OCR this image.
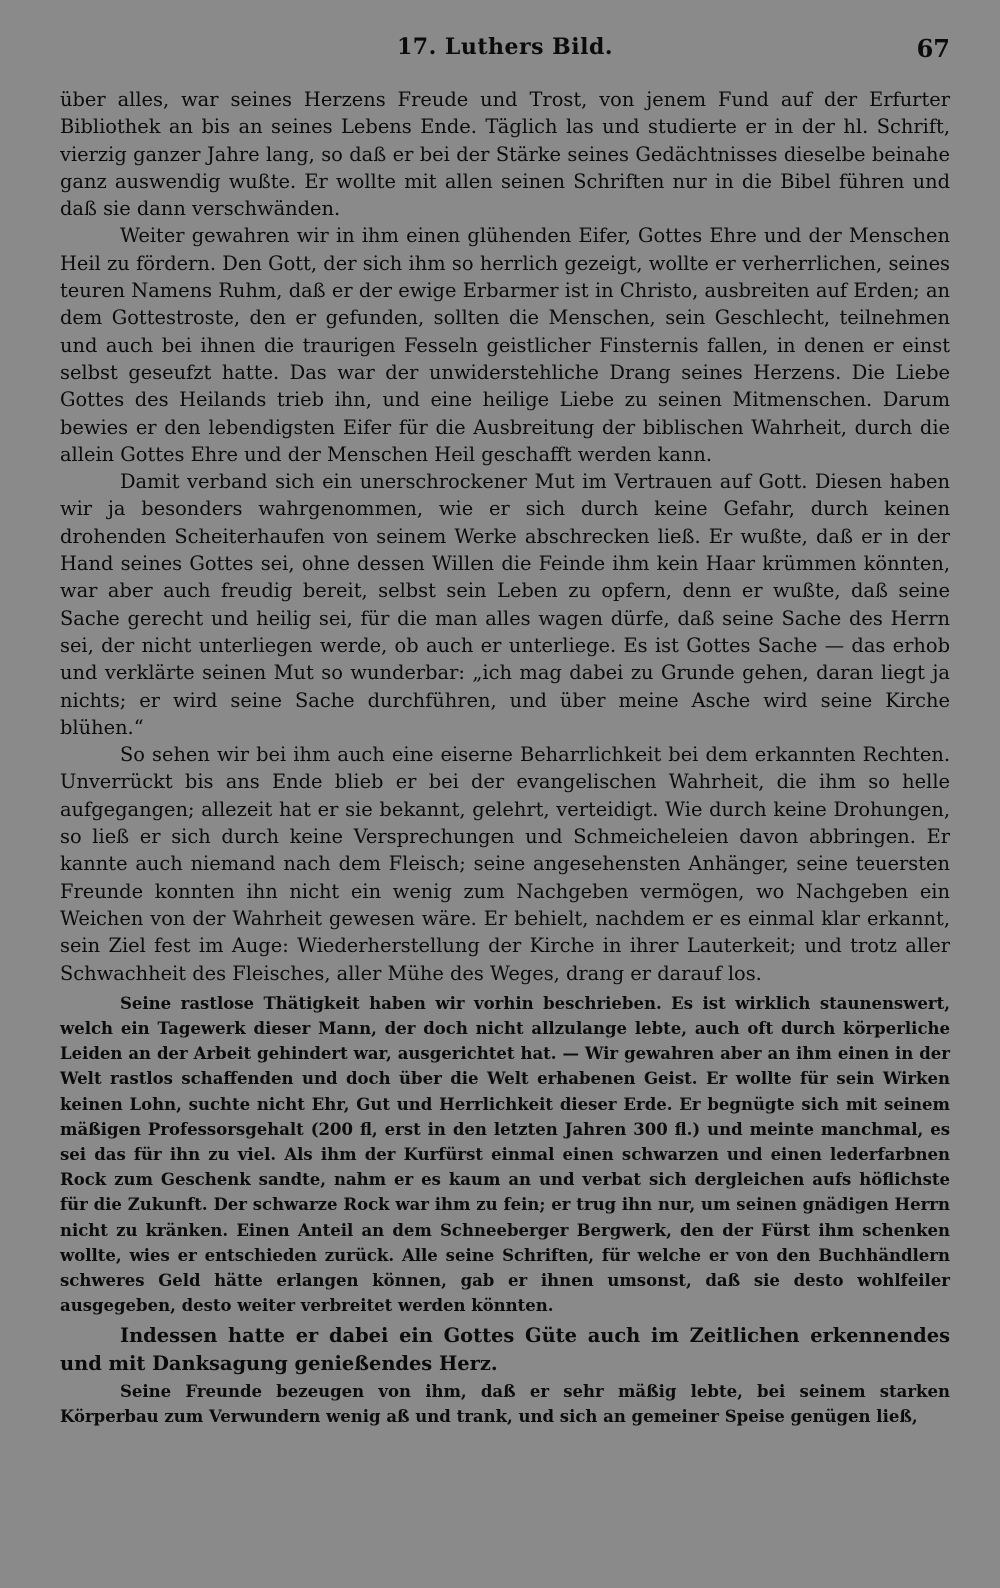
17. Luthers Bild.	67

über alles, war seines Herzens Freude und Trost, von jenem Fund auf der Erfurter Bibliothek an bis an seines Lebens Ende. Täglich las und studierte er in der hl. Schrift, vierzig ganzer Jahre lang, so daß er bei der Stärke seines Gedächtnisses dieselbe beinahe ganz auswendig wußte. Er wollte mit allen seinen Schriften nur in die Bibel führen und daß sie dann verschwänden.

Weiter gewahren wir in ihm einen glühenden Eifer, Gottes Ehre und der Menschen Heil zu fördern. Den Gott, der sich ihm so herrlich gezeigt, wollte er verherrlichen, seines teuren Namens Ruhm, daß er der ewige Erbarmer ist in Christo, ausbreiten auf Erden; an dem Gottestroste, den er gefunden, sollten die Menschen, sein Geschlecht, teilnehmen und auch bei ihnen die traurigen Fesseln geistlicher Finsternis fallen, in denen er einst selbst geseufzt hatte. Das war der unwiderstehliche Drang seines Herzens. Die Liebe Gottes des Heilands trieb ihn, und eine heilige Liebe zu seinen Mitmenschen. Darum bewies er den lebendigsten Eifer für die Ausbreitung der biblischen Wahrheit, durch die allein Gottes Ehre und der Menschen Heil geschafft werden kann.

Damit verband sich ein unerschrockener Mut im Vertrauen auf Gott. Diesen haben wir ja besonders wahrgenommen, wie er sich durch keine Gefahr, durch keinen drohenden Scheiterhaufen von seinem Werke abschrecken ließ. Er wußte, daß er in der Hand seines Gottes sei, ohne dessen Willen die Feinde ihm kein Haar krümmen könnten, war aber auch freudig bereit, selbst sein Leben zu opfern, denn er wußte, daß seine Sache gerecht und heilig sei, für die man alles wagen dürfe, daß seine Sache des Herrn sei, der nicht unterliegen werde, ob auch er unterliege. Es ist Gottes Sache — das erhob und verklärte seinen Mut so wunderbar: „ich mag dabei zu Grunde gehen, daran liegt ja nichts; er wird seine Sache durchführen, und über meine Asche wird seine Kirche blühen.“

So sehen wir bei ihm auch eine eiserne Beharrlichkeit bei dem erkannten Rechten. Unverrückt bis ans Ende blieb er bei der evangelischen Wahrheit, die ihm so helle aufgegangen; allezeit hat er sie bekannt, gelehrt, verteidigt. Wie durch keine Drohungen, so ließ er sich durch keine Versprechungen und Schmeicheleien davon abbringen. Er kannte auch niemand nach dem Fleisch; seine angesehensten Anhänger, seine teuersten Freunde konnten ihn nicht ein wenig zum Nachgeben vermögen, wo Nachgeben ein Weichen von der Wahrheit gewesen wäre. Er behielt, nachdem er es einmal klar erkannt, sein Ziel fest im Auge: Wiederherstellung der Kirche in ihrer Lauterkeit; und trotz aller Schwachheit des Fleisches, aller Mühe des Weges, drang er darauf los.

Seine rastlose Thätigkeit haben wir vorhin beschrieben. Es ist wirklich staunenswert, welch ein Tagewerk dieser Mann, der doch nicht allzulange lebte, auch oft durch körperliche Leiden an der Arbeit gehindert war, ausgerichtet hat. — Wir gewahren aber an ihm einen in der Welt rastlos schaffenden und doch über die Welt erhabenen Geist. Er wollte für sein Wirken keinen Lohn, suchte nicht Ehr, Gut und Herrlichkeit dieser Erde. Er begnügte sich mit seinem mäßigen Professorsgehalt (200 fl, erst in den letzten Jahren 300 fl.) und meinte manchmal, es sei das für ihn zu viel. Als ihm der Kurfürst einmal einen schwarzen und einen lederfarbnen Rock zum Geschenk sandte, nahm er es kaum an und verbat sich dergleichen aufs höflichste für die Zukunft. Der schwarze Rock war ihm zu fein; er trug ihn nur, um seinen gnädigen Herrn nicht zu kränken. Einen Anteil an dem Schneeberger Bergwerk, den der Fürst ihm schenken wollte, wies er entschieden zurück. Alle seine Schriften, für welche er von den Buchhändlern schweres Geld hätte erlangen können, gab er ihnen umsonst, daß sie desto wohlfeiler ausgegeben, desto weiter verbreitet werden könnten.

Indessen hatte er dabei ein Gottes Güte auch im Zeitlichen erkennendes und mit Danksagung genießendes Herz.

Seine Freunde bezeugen von ihm, daß er sehr mäßig lebte, bei seinem starken Körperbau zum Verwundern wenig aß und trank, und sich an gemeiner Speise genügen ließ,
